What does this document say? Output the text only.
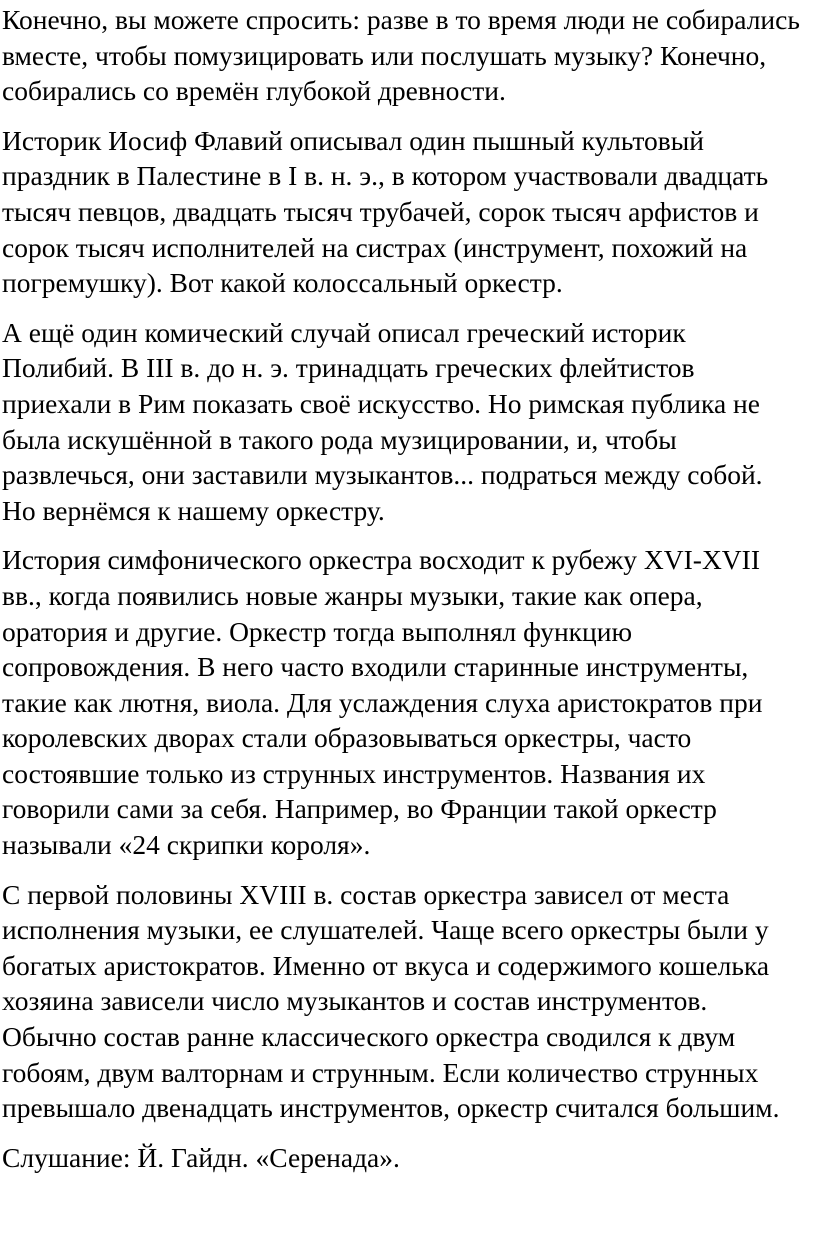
Конечно, вы можете спросить: разве в то время люди не собирались
вместе, чтобы помузицировать или послушать музыку? Конечно,
собирались со времён глубокой древности.

Историк Иосиф Флавий описывал один пышный культовый
праздник в Палестине в I в. н. э., в котором участвовали двадцать
тысяч певцов, двадцать тысяч трубачей, сорок тысяч арфистов и
сорок тысяч исполнителей на систрах (инструмент, похожий на
погремушку). Вот какой колоссальный оркестр.

А ещё один комический случай описал греческий историк
Полибий. В III в. до н. э. тринадцать греческих флейтистов
приехали в Рим показать своё искусство. Но римская публика не
была искушённой в такого рода музицировании, и, чтобы
развлечься, они заставили музыкантов... подраться между собой.
Но вернёмся к нашему оркестру.

История симфонического оркестра восходит к рубежу XVI-XVII
вв., когда появились новые жанры музыки, такие как опера,
оратория и другие. Оркестр тогда выполнял функцию
сопровождения. В него часто входили старинные инструменты,
такие как лютня, виола. Для услаждения слуха аристократов при
королевских дворах стали образовываться оркестры, часто
состоявшие только из струнных инструментов. Названия их
говорили сами за себя. Например, во Франции такой оркестр
называли «24 скрипки короля».

С первой половины XVIII в. состав оркестра зависел от места
исполнения музыки, ее слушателей. Чаще всего оркестры были у
богатых аристократов. Именно от вкуса и содержимого кошелька
хозяина зависели число музыкантов и состав инструментов.
Обычно состав ранне классического оркестра сводился к двум
гобоям, двум валторнам и струнным. Если количество струнных
превышало двенадцать инструментов, оркестр считался большим.

Слушание: Й. Гайдн. «Серенада».
